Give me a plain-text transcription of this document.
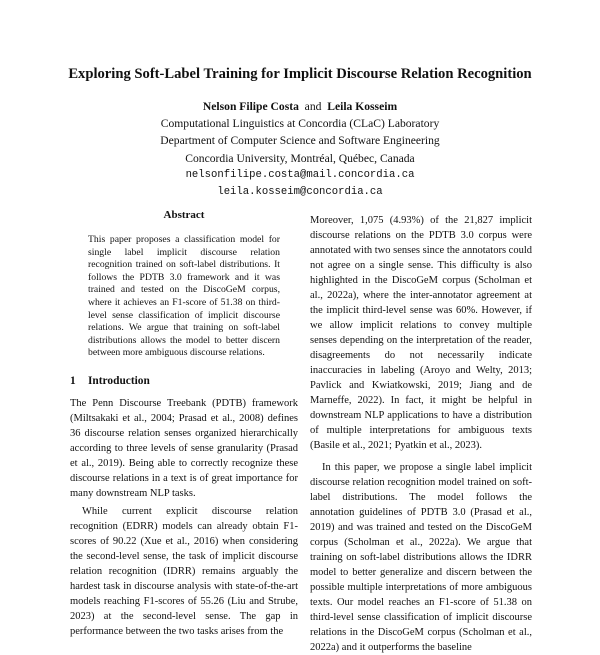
Exploring Soft-Label Training for Implicit Discourse Relation Recognition
Nelson Filipe Costa and Leila Kosseim
Computational Linguistics at Concordia (CLaC) Laboratory
Department of Computer Science and Software Engineering
Concordia University, Montréal, Québec, Canada
nelsonfilipe.costa@mail.concordia.ca
leila.kosseim@concordia.ca
Abstract

This paper proposes a classification model for single label implicit discourse relation recognition trained on soft-label distributions. It follows the PDTB 3.0 framework and it was trained and tested on the DiscoGeM corpus, where it achieves an F1-score of 51.38 on third-level sense classification of implicit discourse relations. We argue that training on soft-label distributions allows the model to better discern between more ambiguous discourse relations.

1 Introduction

The Penn Discourse Treebank (PDTB) framework (Miltsakaki et al., 2004; Prasad et al., 2008) defines 36 discourse relation senses organized hierarchically according to three levels of sense granularity (Prasad et al., 2019). Being able to correctly recognize these discourse relations in a text is of great importance for many downstream NLP tasks.

While current explicit discourse relation recognition (EDRR) models can already obtain F1-scores of 90.22 (Xue et al., 2016) when considering the second-level sense, the task of implicit discourse relation recognition (IDRR) remains arguably the hardest task in discourse analysis with state-of-the-art models reaching F1-scores of 55.26 (Liu and Strube, 2023) at the second-level sense. The gap in performance between the two tasks arises from the

Moreover, 1,075 (4.93%) of the 21,827 implicit discourse relations on the PDTB 3.0 corpus were annotated with two senses since the annotators could not agree on a single sense. This difficulty is also highlighted in the DiscoGeM corpus (Scholman et al., 2022a), where the inter-annotator agreement at the implicit third-level sense was 60%. However, if we allow implicit relations to convey multiple senses depending on the interpretation of the reader, disagreements do not necessarily indicate inaccuracies in labeling (Aroyo and Welty, 2013; Pavlick and Kwiatkowski, 2019; Jiang and de Marneffe, 2022). In fact, it might be helpful in downstream NLP applications to have a distribution of multiple interpretations for ambiguous texts (Basile et al., 2021; Pyatkin et al., 2023).

In this paper, we propose a single label implicit discourse relation recognition model trained on soft-label distributions. The model follows the annotation guidelines of PDTB 3.0 (Prasad et al., 2019) and was trained and tested on the DiscoGeM corpus (Scholman et al., 2022a). We argue that training on soft-label distributions allows the IDRR model to better generalize and discern between the possible multiple interpretations of more ambiguous texts. Our model reaches an F1-score of 51.38 on third-level sense classification of implicit discourse relations in the DiscoGeM corpus (Scholman et al., 2022a) and it outperforms the baseline
